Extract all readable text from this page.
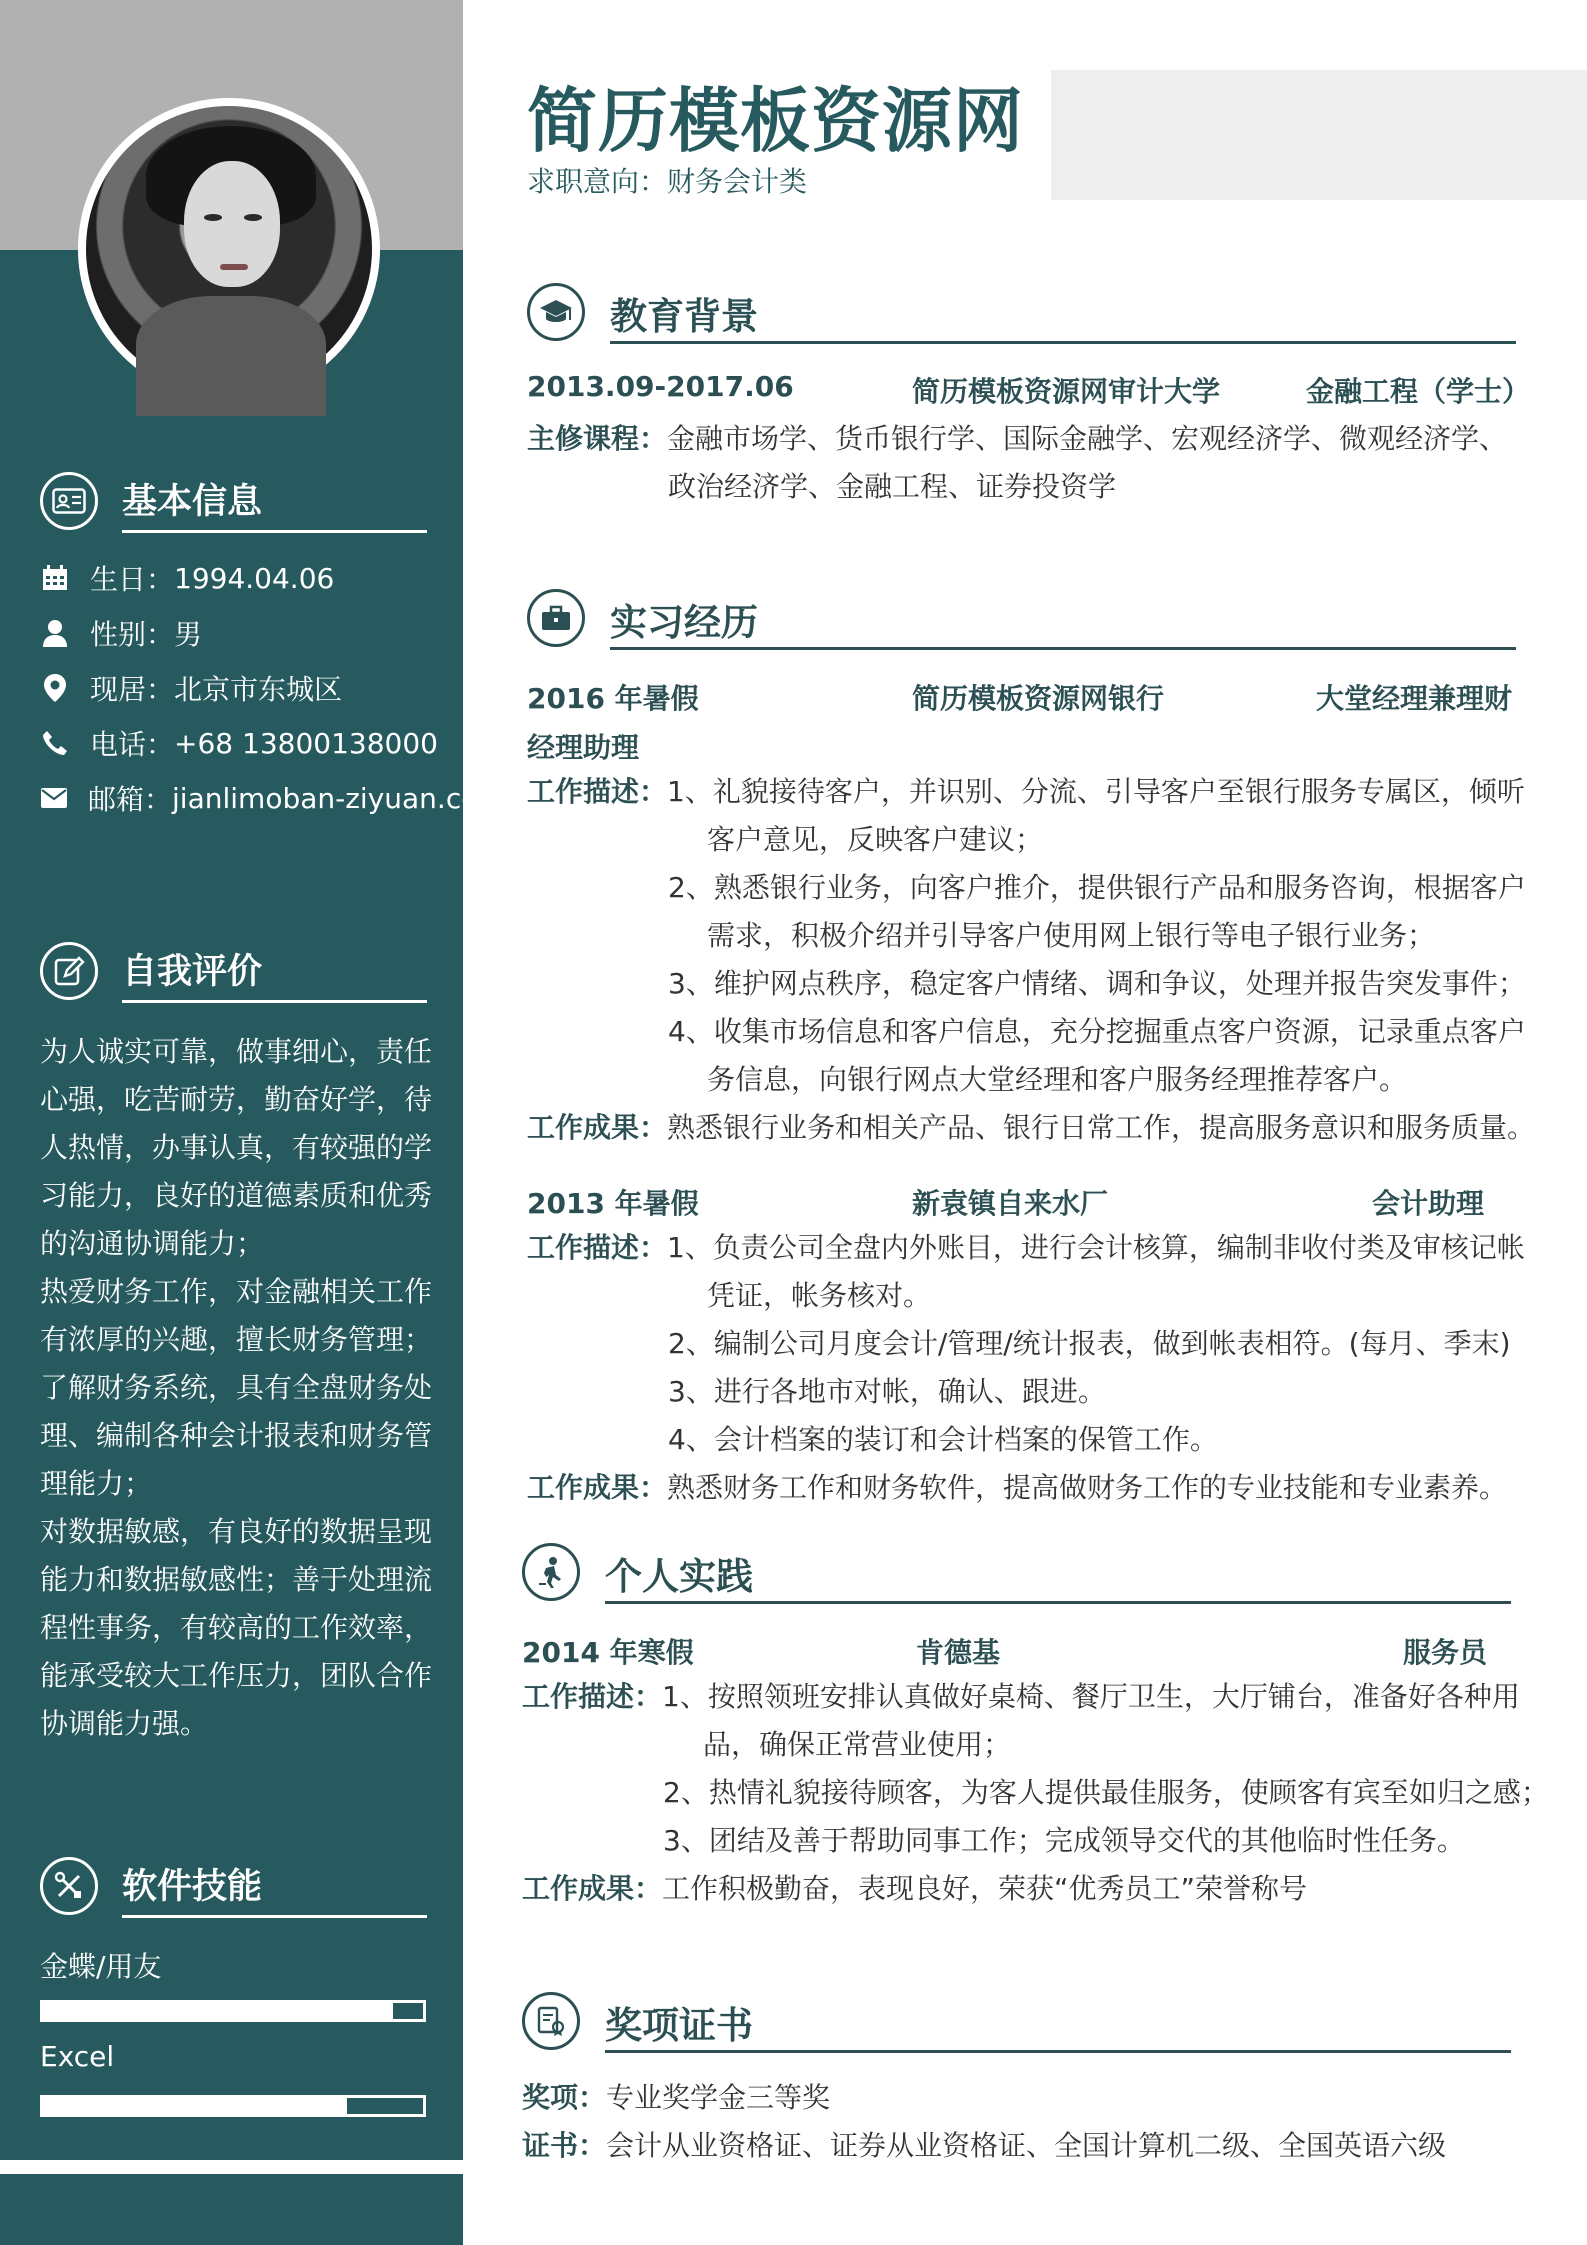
基本信息
生日： 1994.04.06
性别： 男
现居： 北京市东城区
电话： +68 13800138000
邮箱： jianlimoban-ziyuan.com
自我评价
为人诚实可靠，做事细心，责任
心强，吃苦耐劳，勤奋好学，待
人热情，办事认真，有较强的学
习能力，良好的道德素质和优秀
的沟通协调能力；
热爱财务工作，对金融相关工作
有浓厚的兴趣，擅长财务管理；
了解财务系统，具有全盘财务处
理、编制各种会计报表和财务管
理能力；
对数据敏感，有良好的数据呈现
能力和数据敏感性；善于处理流
程性事务，有较高的工作效率，
能承受较大工作压力，团队合作
协调能力强。
软件技能
金蝶/用友
Excel
简历模板资源网
求职意向：财务会计类
教育背景
2013.09-2017.06	简历模板资源网审计大学	金融工程（学士）
主修课程：金融市场学、货币银行学、国际金融学、宏观经济学、微观经济学、
政治经济学、金融工程、证券投资学
实习经历
2016 年暑假	简历模板资源网银行	大堂经理兼理财
经理助理
工作描述：1、礼貌接待客户，并识别、分流、引导客户至银行服务专属区，倾听
客户意见，反映客户建议；
2、熟悉银行业务，向客户推介，提供银行产品和服务咨询，根据客户
需求，积极介绍并引导客户使用网上银行等电子银行业务；
3、维护网点秩序，稳定客户情绪、调和争议，处理并报告突发事件；
4、收集市场信息和客户信息，充分挖掘重点客户资源，记录重点客户
务信息，向银行网点大堂经理和客户服务经理推荐客户。
工作成果：熟悉银行业务和相关产品、银行日常工作，提高服务意识和服务质量。
2013 年暑假	新袁镇自来水厂	会计助理
工作描述：1、负责公司全盘内外账目，进行会计核算，编制非收付类及审核记帐
凭证，帐务核对。
2、编制公司月度会计/管理/统计报表，做到帐表相符。(每月、季末)
3、进行各地市对帐，确认、跟进。
4、会计档案的装订和会计档案的保管工作。
工作成果：熟悉财务工作和财务软件，提高做财务工作的专业技能和专业素养。
个人实践
2014 年寒假	肯德基	服务员
工作描述：1、按照领班安排认真做好桌椅、餐厅卫生，大厅铺台，准备好各种用
品，确保正常营业使用；
2、热情礼貌接待顾客，为客人提供最佳服务，使顾客有宾至如归之感；
3、团结及善于帮助同事工作；完成领导交代的其他临时性任务。
工作成果：工作积极勤奋，表现良好，荣获“优秀员工”荣誉称号
奖项证书
奖项：专业奖学金三等奖
证书：会计从业资格证、证券从业资格证、全国计算机二级、全国英语六级
